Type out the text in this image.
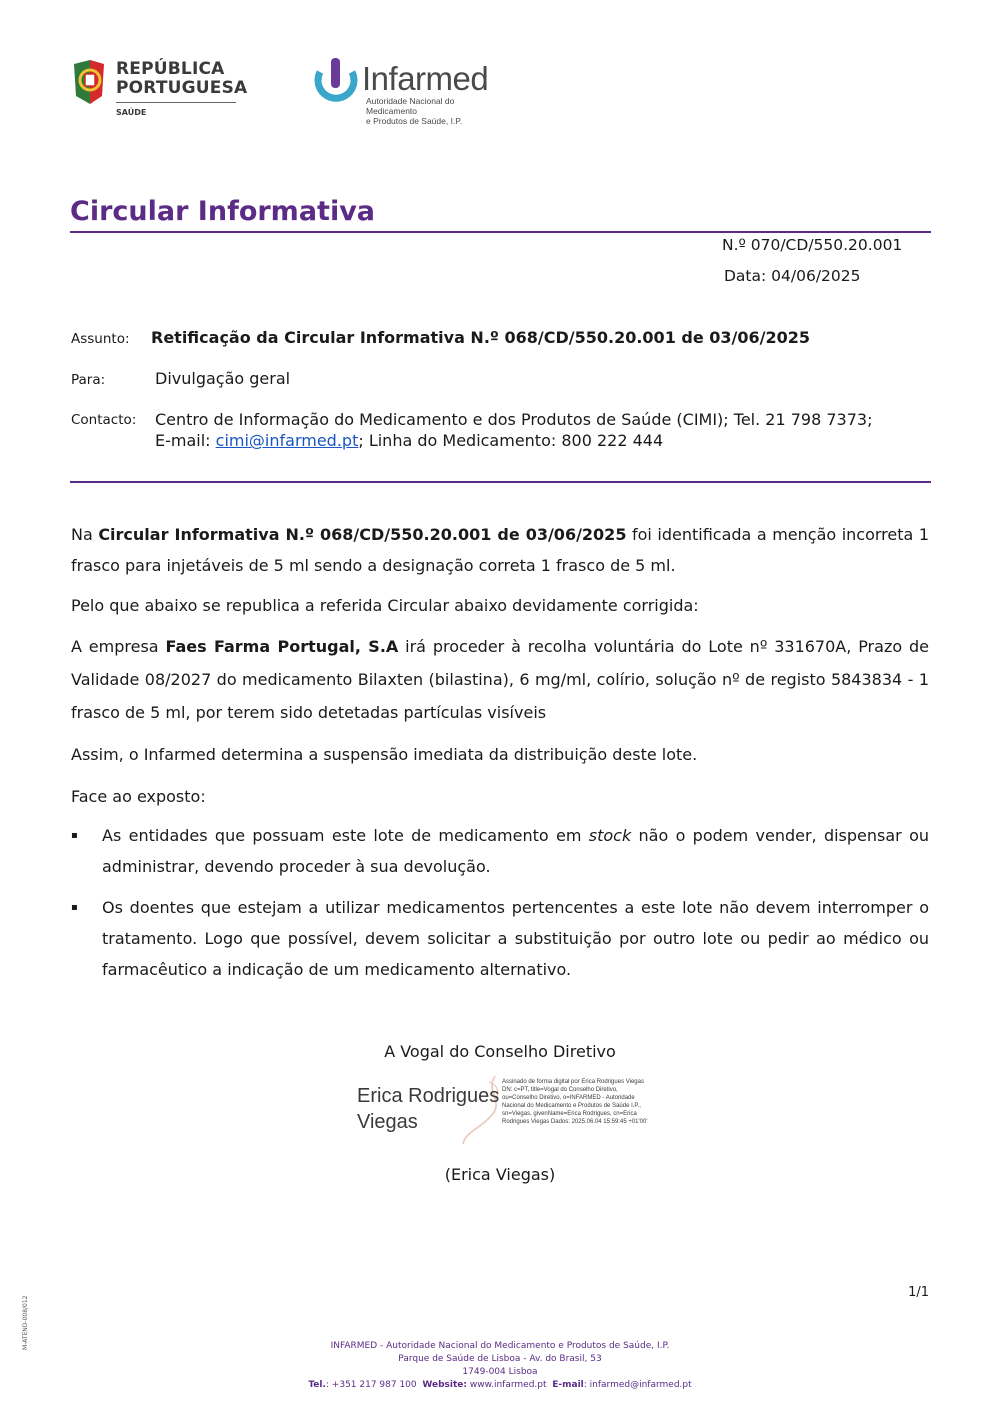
REPÚBLICA
PORTUGUESA
SAÚDE
Infarmed
Autoridade Nacional do Medicamento
e Produtos de Saúde, I.P.
Circular Informativa
N.º 070/CD/550.20.001
Data: 04/06/2025
Assunto: Retificação da Circular Informativa N.º 068/CD/550.20.001 de 03/06/2025
Para:	Divulgação geral
Contacto: Centro de Informação do Medicamento e dos Produtos de Saúde (CIMI); Tel. 21 798 7373;
E-mail: cimi@infarmed.pt; Linha do Medicamento: 800 222 444
Na Circular Informativa N.º 068/CD/550.20.001 de 03/06/2025 foi identificada a menção incorreta 1 frasco para injetáveis de 5 ml sendo a designação correta 1 frasco de 5 ml.
Pelo que abaixo se republica a referida Circular abaixo devidamente corrigida:
A empresa Faes Farma Portugal, S.A irá proceder à recolha voluntária do Lote nº 331670A, Prazo de Validade 08/2027 do medicamento Bilaxten (bilastina), 6 mg/ml, colírio, solução nº de registo 5843834 - 1 frasco de 5 ml, por terem sido detetadas partículas visíveis
Assim, o Infarmed determina a suspensão imediata da distribuição deste lote.
Face ao exposto:
▪ As entidades que possuam este lote de medicamento em stock não o podem vender, dispensar ou administrar, devendo proceder à sua devolução.
▪ Os doentes que estejam a utilizar medicamentos pertencentes a este lote não devem interromper o tratamento. Logo que possível, devem solicitar a substituição por outro lote ou pedir ao médico ou farmacêutico a indicação de um medicamento alternativo.
A Vogal do Conselho Diretivo
Erica Rodrigues
Viegas
Assinado de forma digital por Erica Rodrigues Viegas DN: c=PT, title=Vogal do Conselho Diretivo, ou=Conselho Diretivo, o=INFARMED - Autoridade Nacional do Medicamento e Produtos de Saúde I.P., sn=Viegas, givenName=Erica Rodrigues, cn=Erica Rodrigues Viegas Dados: 2025.06.04 15:59:45 +01'00'
(Erica Viegas)
1/1
M-ATEND-008/012	INFARMED - Autoridade Nacional do Medicamento e Produtos de Saúde, I.P.
Parque de Saúde de Lisboa - Av. do Brasil, 53
1749-004 Lisboa
Tel.: +351 217 987 100 Website: www.infarmed.pt E-mail: infarmed@infarmed.pt
